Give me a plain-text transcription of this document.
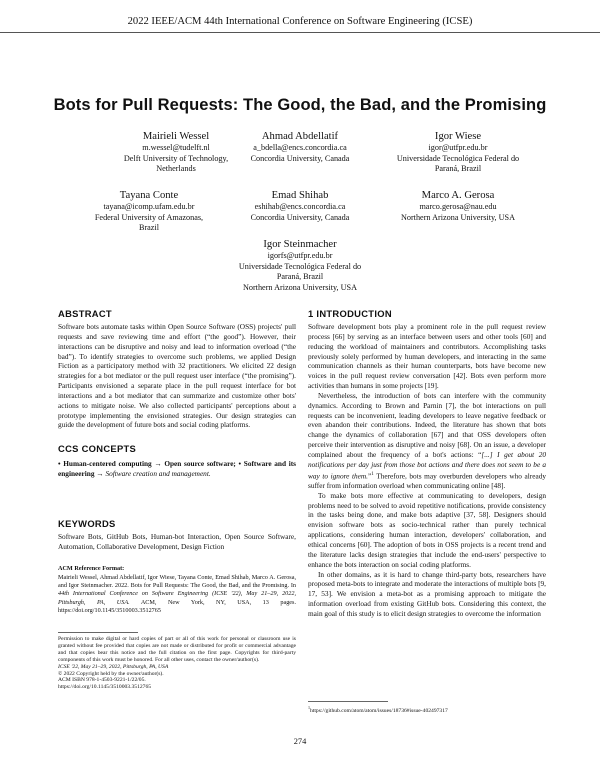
2022 IEEE/ACM 44th International Conference on Software Engineering (ICSE)
Bots for Pull Requests: The Good, the Bad, and the Promising
Mairieli Wessel
m.wessel@tudelft.nl
Delft University of Technology,
Netherlands
Ahmad Abdellatif
a_bdella@encs.concordia.ca
Concordia University, Canada
Igor Wiese
igor@utfpr.edu.br
Universidade Tecnológica Federal do
Paraná, Brazil
Tayana Conte
tayana@icomp.ufam.edu.br
Federal University of Amazonas,
Brazil
Emad Shihab
eshihab@encs.concordia.ca
Concordia University, Canada
Marco A. Gerosa
marco.gerosa@nau.edu
Northern Arizona University, USA
Igor Steinmacher
igorfs@utfpr.edu.br
Universidade Tecnológica Federal do
Paraná, Brazil
Northern Arizona University, USA
ABSTRACT
Software bots automate tasks within Open Source Software (OSS) projects' pull requests and save reviewing time and effort (“the good”). However, their interactions can be disruptive and noisy and lead to information overload (“the bad”). To identify strategies to overcome such problems, we applied Design Fiction as a participatory method with 32 practitioners. We elicited 22 design strategies for a bot mediator or the pull request user interface (“the promising”). Participants envisioned a separate place in the pull request interface for bot interactions and a bot mediator that can summarize and customize other bots' actions to mitigate noise. We also collected participants' perceptions about a prototype implementing the envisioned strategies. Our design strategies can guide the development of future bots and social coding platforms.
CCS CONCEPTS
• Human-centered computing → Open source software; • Software and its engineering → Software creation and management.
KEYWORDS
Software Bots, GitHub Bots, Human-bot Interaction, Open Source Software, Automation, Collaborative Development, Design Fiction
ACM Reference Format:
Mairieli Wessel, Ahmad Abdellatif, Igor Wiese, Tayana Conte, Emad Shihab, Marco A. Gerosa, and Igor Steinmacher. 2022. Bots for Pull Requests: The Good, the Bad, and the Promising. In 44th International Conference on Software Engineering (ICSE '22), May 21–29, 2022, Pittsburgh, PA, USA. ACM, New York, NY, USA, 13 pages. https://doi.org/10.1145/3510003.3512765
Permission to make digital or hard copies of part or all of this work for personal or classroom use is granted without fee provided that copies are not made or distributed for profit or commercial advantage and that copies bear this notice and the full citation on the first page. Copyrights for third-party components of this work must be honored. For all other uses, contact the owner/author(s).
ICSE '22, May 21–29, 2022, Pittsburgh, PA, USA
© 2022 Copyright held by the owner/author(s).
ACM ISBN 978-1-4503-9221-1/22/05.
https://doi.org/10.1145/3510003.3512765
1 INTRODUCTION

Software development bots play a prominent role in the pull request review process [66] by serving as an interface between users and other tools [60] and reducing the workload of maintainers and contributors. Accomplishing tasks previously solely performed by human developers, and interacting in the same communication channels as their human counterparts, bots have become new voices in the pull request review conversation [42]. Bots even perform more activities than humans in some projects [19].

Nevertheless, the introduction of bots can interfere with the community dynamics. According to Brown and Parnin [7], the bot interactions on pull requests can be inconvenient, leading developers to leave negative feedback or even abandon their contributions. Indeed, the literature has shown that bots change the dynamics of collaboration [67] and that OSS developers often perceive their intervention as disruptive and noisy [68]. On an issue, a developer complained about the frequency of a bot's actions: “[...] I get about 20 notifications per day just from those bot actions and there does not seem to be a way to ignore them.”$^1$ Therefore, bots may overburden developers who already suffer from information overload when communicating online [48].

To make bots more effective at communicating to developers, design problems need to be solved to avoid repetitive notifications, provide consistency in the tasks being done, and make bots adaptive [37, 58]. Designers should envision software bots as socio-technical rather than purely technical applications, considering human interaction, developers' collaboration, and ethical concerns [60]. The adoption of bots in OSS projects is a recent trend and the literature lacks design strategies that include the end-users' perspective to enhance the bots interaction on social coding platforms.

In other domains, as it is hard to change third-party bots, researchers have proposed meta-bots to integrate and moderate the interactions of multiple bots [9, 17, 53]. We envision a meta-bot as a promising approach to mitigate the information overload from existing GitHub bots. Considering this context, the main goal of this study is to elicit design strategies to overcome the information

$^1$https://github.com/atom/atom/issues/18736#issue-402497317
274
